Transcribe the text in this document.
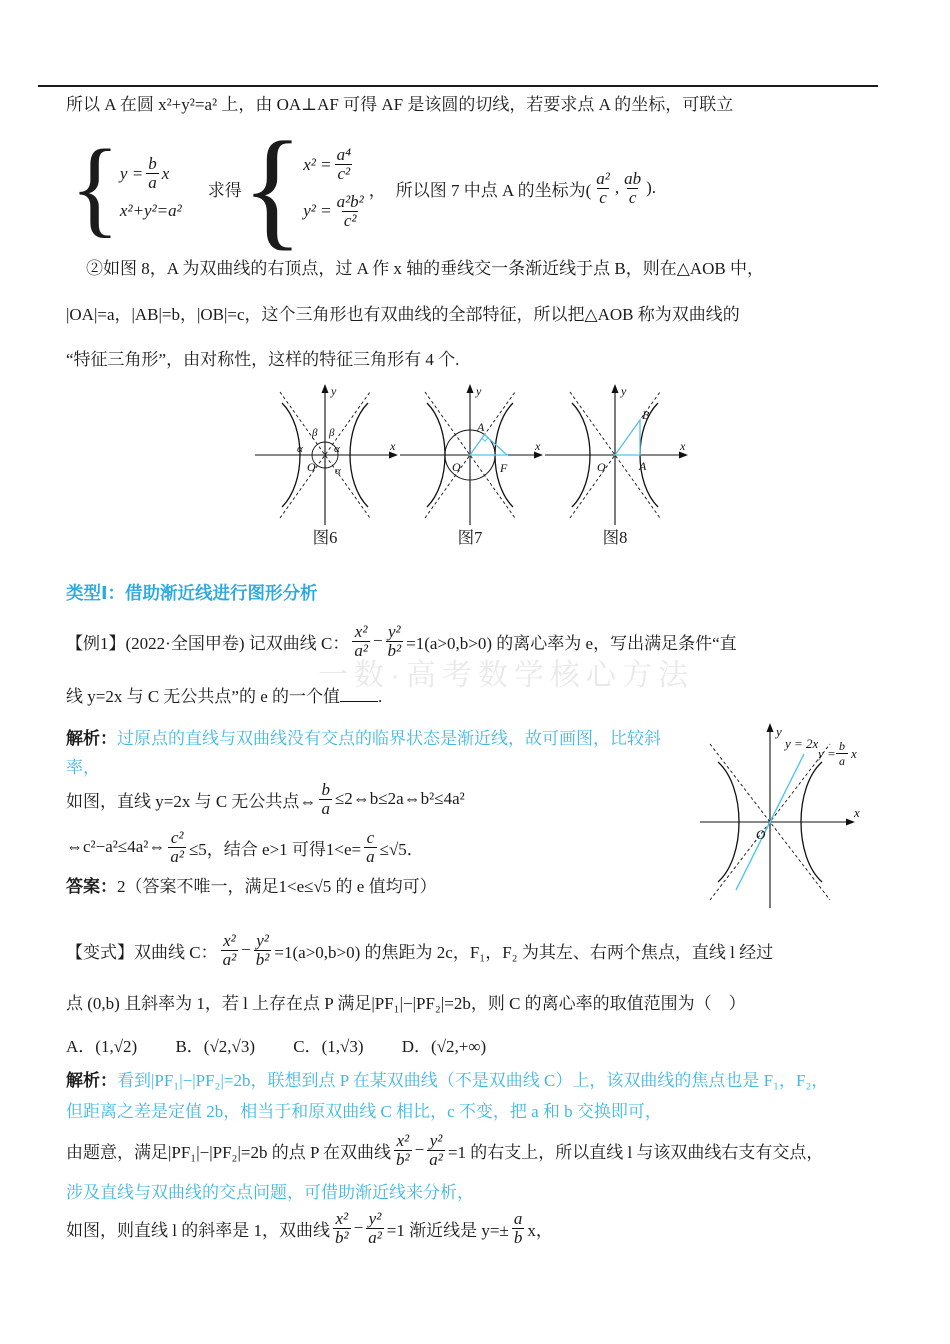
一数·高考数学核心方法
所以 A 在圆 x²+y²=a² 上，由 OA⊥AF 可得 AF 是该圆的切线，若要求点 A 的坐标，可联立
{ $y = \frac{b}{a}$ x
x²+y²=a²
求得 { $x^2 = \frac{\text{a⁴}}{\text{c²}}$
$y^2 = \frac{\text{a²b²}}{\text{c²}}$
， 所以图 7 中点 A 的坐标为( $\frac{\text{a²}}{c}$ , $\frac{ab}{c}$ ).
②如图 8，A 为双曲线的右顶点，过 A 作 x 轴的垂线交一条渐近线于点 B，则在△AOB 中，
|OA|=a，|AB|=b，|OB|=c，这个三角形也有双曲线的全部特征，所以把△AOB 称为双曲线的
“特征三角形”，由对称性，这样的特征三角形有 4 个.
β β
α	α
α
O
y
x
图6
A
F
O
y
x
图7
B
A
O
y
x
图8
类型Ⅰ：借助渐近线进行图形分析
【例1】(2022·全国甲卷) 记双曲线 C： $\frac{\text{x²}}{\text{a²}} - \frac{\text{y²}}{\text{b²}} =1(a>0,b>0)$ 的离心率为 e，写出满足条件“直
线 y=2x 与 C 无公共点”的 e 的一个值 .
解析：过原点的直线与双曲线没有交点的临界状态是渐近线，故可画图，比较斜
率，
如图，直线 y=2x 与 C 无公共点⇔ $\frac{b}{a}$ ≤2⇔b≤2a⇔b²≤4a²
⇔c²−a²≤4a²⇔ $\frac{\text{c²}}{\text{a²}} \le 5$，结合 e>1 可得$1<e= \frac{c}{a} \le√5$．
答案：2（答案不唯一，满足1<e≤√5 的 e 值均可）
y = 2x
y = b
a x
O
x
y
【变式】双曲线 C： $\frac{\text{x²}}{\text{a²}} - \frac{\text{y²}}{\text{b²}} =1(a>0,b>0)$ 的焦距为 2c，F₁，F₂ 为其左、右两个焦点，直线 l 经过
点 (0,b) 且斜率为 1，若 l 上存在点 P 满足|PF₁|−|PF₂|=2b，则 C 的离心率的取值范围为（　）
A．(1,√2) B．(√2,√3) C．(1,√3) D．(√2,+∞)
解析：看到|PF₁|−|PF₂|=2b，联想到点 P 在某双曲线（不是双曲线 C）上，该双曲线的焦点也是 F₁，F₂，
但距离之差是定值 2b，相当于和原双曲线 C 相比，c 不变，把 a 和 b 交换即可，
由题意，满足|PF₁|−|PF₂|=2b 的点 P 在双曲线 $\frac{\text{x²}}{\text{b²}} - \frac{\text{y²}}{\text{a²}} =1$ 的右支上，所以直线 l 与该双曲线右支有交点，
涉及直线与双曲线的交点问题，可借助渐近线来分析，
如图，则直线 l 的斜率是 1，双曲线 $\frac{\text{x²}}{\text{b²}} - \frac{\text{y²}}{\text{a²}} =1$ 渐近线是 $y=\pm \frac{a}{b}$ x，
